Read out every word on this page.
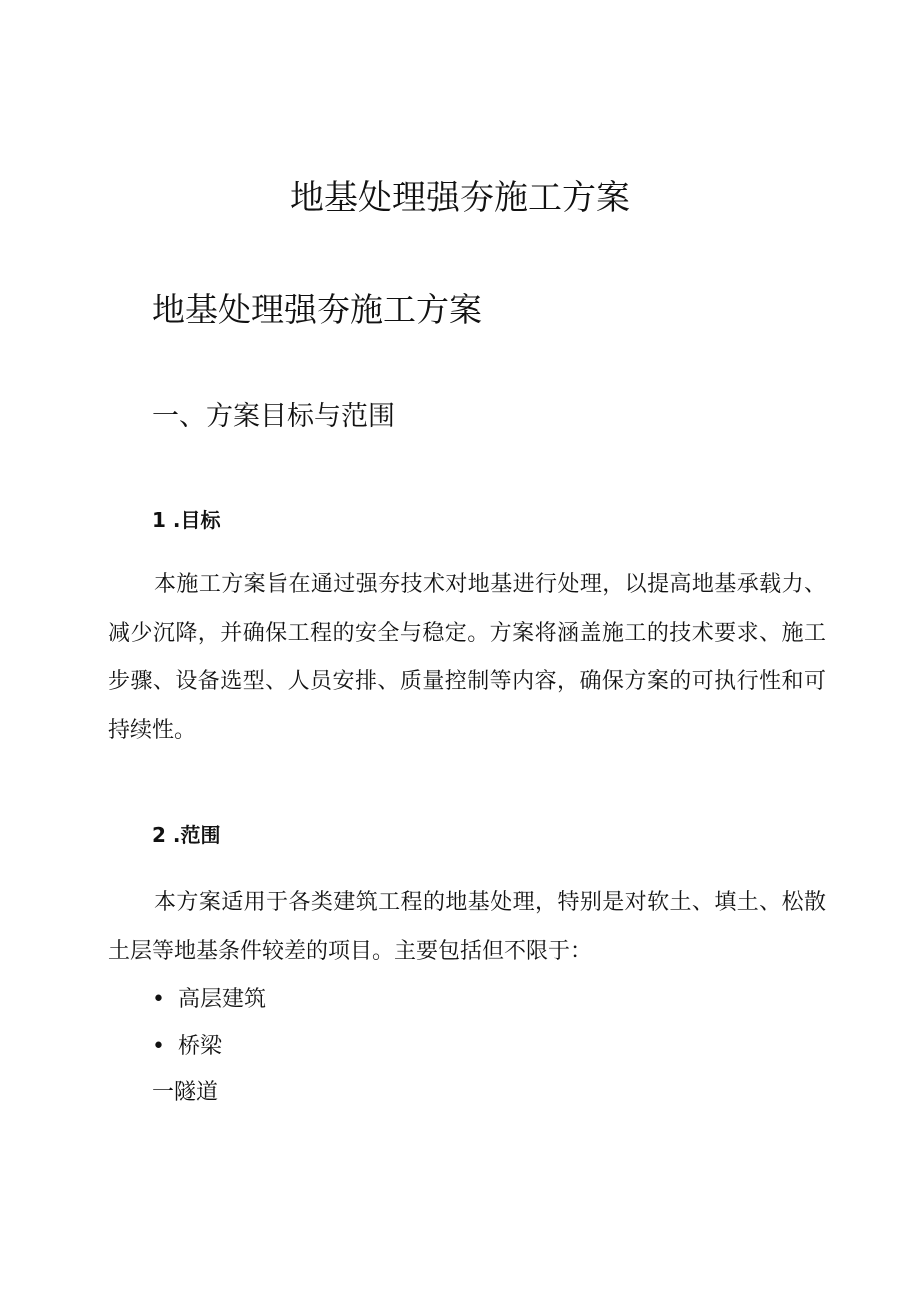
地基处理强夯施工方案
地基处理强夯施工方案
一、方案目标与范围
1 .目标
本施工方案旨在通过强夯技术对地基进行处理，以提高地基承载力、减少沉降，并确保工程的安全与稳定。方案将涵盖施工的技术要求、施工步骤、设备选型、人员安排、质量控制等内容，确保方案的可执行性和可持续性。
2 .范围
本方案适用于各类建筑工程的地基处理，特别是对软土、填土、松散土层等地基条件较差的项目。主要包括但不限于：
• 高层建筑
• 桥梁
一隧道
